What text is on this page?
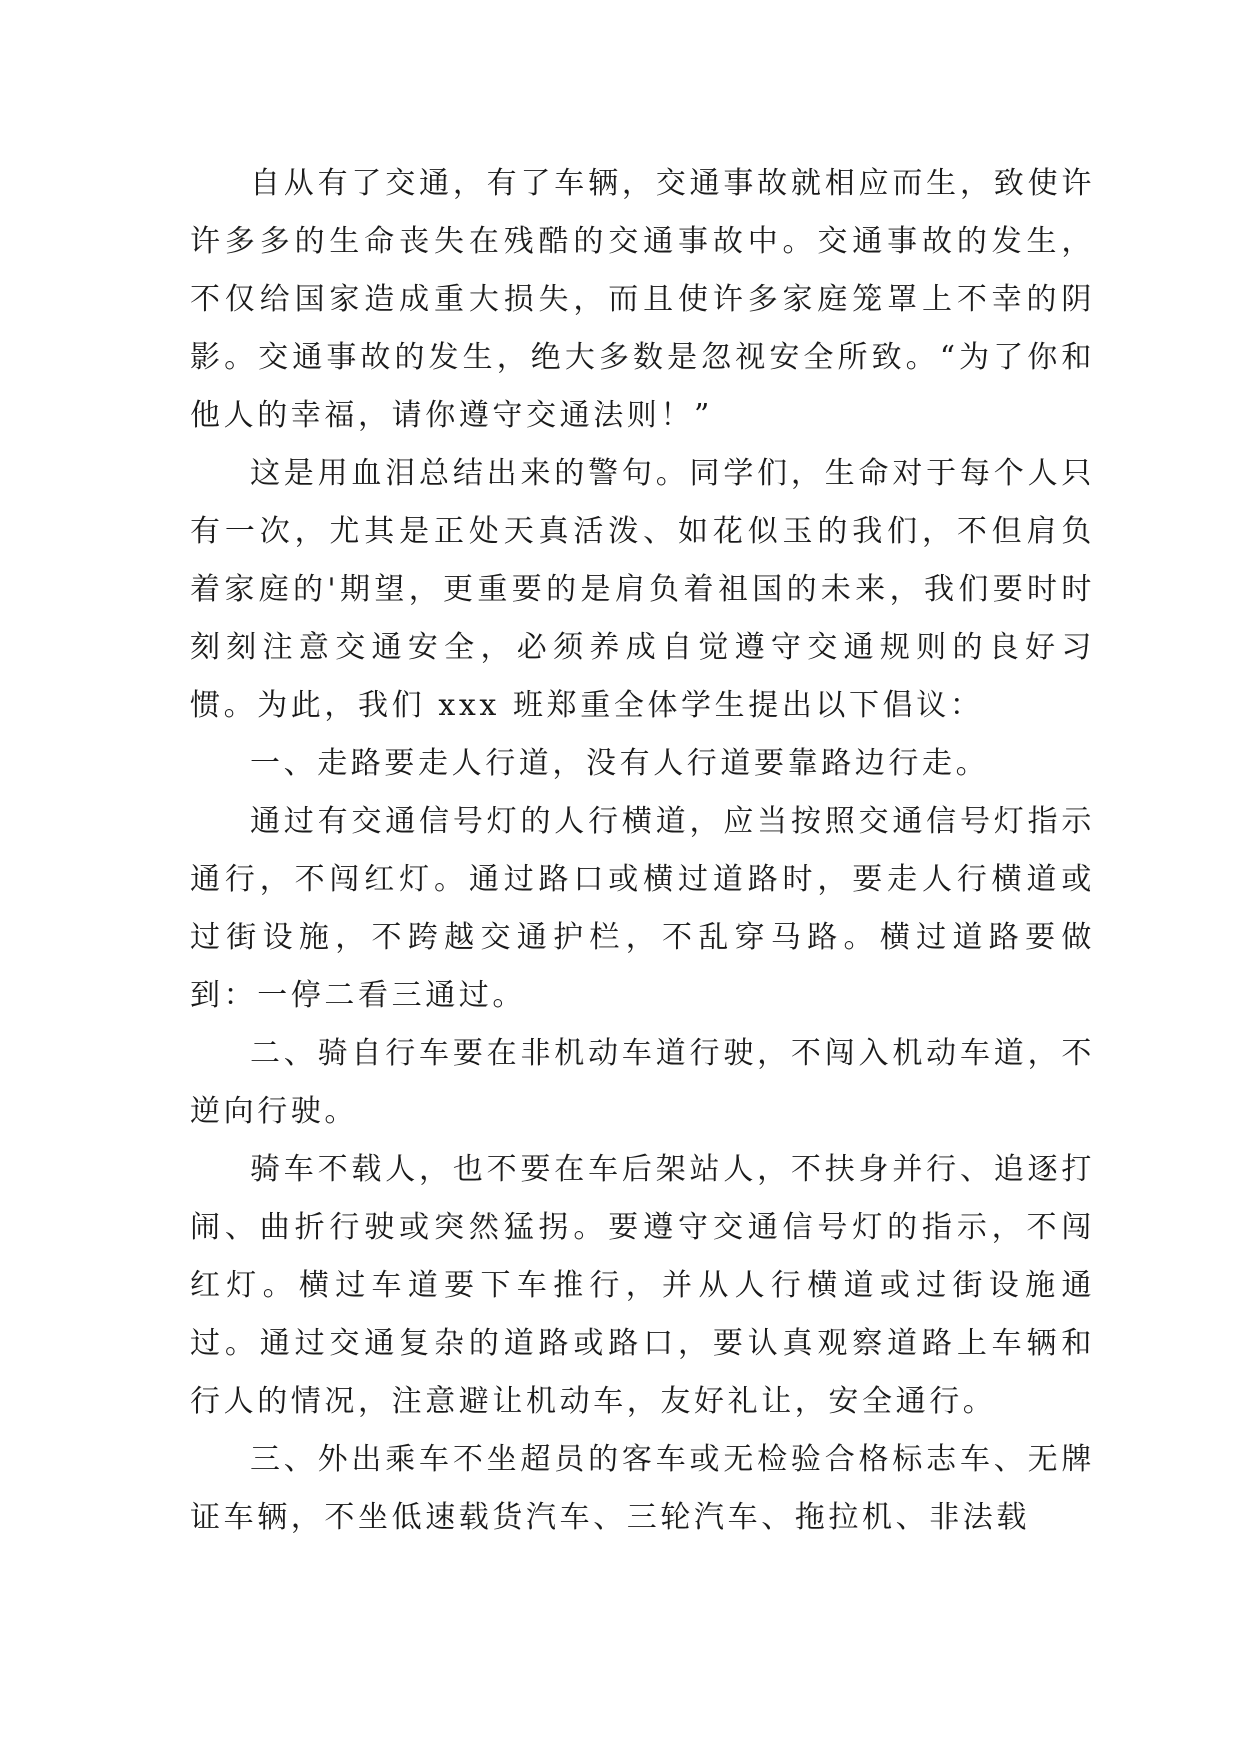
自从有了交通，有了车辆，交通事故就相应而生，致使许许多多的生命丧失在残酷的交通事故中。交通事故的发生，不仅给国家造成重大损失，而且使许多家庭笼罩上不幸的阴影。交通事故的发生，绝大多数是忽视安全所致。“为了你和他人的幸福，请你遵守交通法则！”

这是用血泪总结出来的警句。同学们，生命对于每个人只有一次，尤其是正处天真活泼、如花似玉的我们，不但肩负着家庭的'期望，更重要的是肩负着祖国的未来，我们要时时刻刻注意交通安全，必须养成自觉遵守交通规则的良好习惯。为此，我们 xxx 班郑重全体学生提出以下倡议：

一、走路要走人行道，没有人行道要靠路边行走。

通过有交通信号灯的人行横道，应当按照交通信号灯指示通行，不闯红灯。通过路口或横过道路时，要走人行横道或过街设施，不跨越交通护栏，不乱穿马路。横过道路要做到：一停二看三通过。

二、骑自行车要在非机动车道行驶，不闯入机动车道，不逆向行驶。

骑车不载人，也不要在车后架站人，不扶身并行、追逐打闹、曲折行驶或突然猛拐。要遵守交通信号灯的指示，不闯红灯。横过车道要下车推行，并从人行横道或过街设施通过。通过交通复杂的道路或路口，要认真观察道路上车辆和行人的情况，注意避让机动车，友好礼让，安全通行。

三、外出乘车不坐超员的客车或无检验合格标志车、无牌证车辆，不坐低速载货汽车、三轮汽车、拖拉机、非法载
